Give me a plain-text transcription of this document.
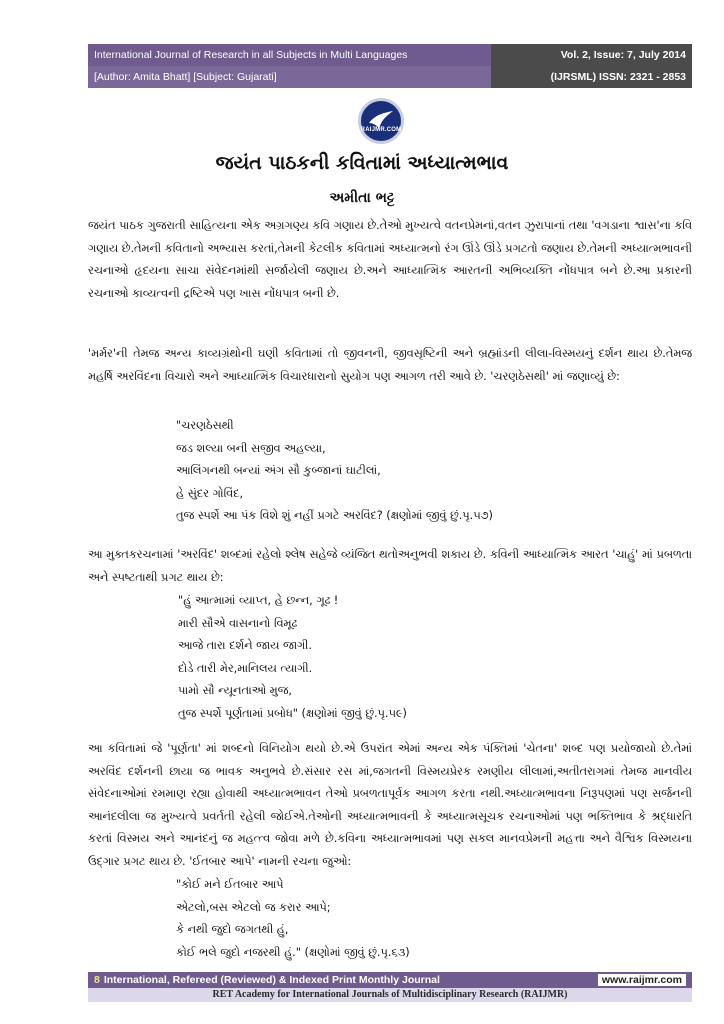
International Journal of Research in all Subjects in Multi Languages	Vol. 2, Issue: 7, July 2014
[Author: Amita Bhatt] [Subject: Gujarati]	(IJRSML) ISSN: 2321 - 2853
RAIJMR.COM
જયંત પાઠકની કવિતામાં અધ્યાત્મભાવ
અમીતા ભટ્ટ
જયંત પાઠક ગુજરાતી સાહિત્યના એક અગ્રગણ્ય કવિ ગણાય છે.તેઓ મુખ્યત્વે વતનપ્રેમનાં,વતન ઝુરાપાનાં તથા 'વગડાના શ્વાસ'ના કવિ ગણાય છે.તેમની કવિતાનો અભ્યાસ કરતાં,તેમની કેટલીક કવિતામાં અધ્યાત્મનો રંગ ઊંડે ઊંડે પ્રગટતો જણાય છે.તેમની અધ્યાત્મભાવની રચનાઓ હૃદયના સાચા સંવેદનમાંથી સર્જાયેલી જણાય છે.અને આધ્યાત્મિક આરતની અભિવ્યક્તિ નોંધપાત્ર બને છે.આ પ્રકારની રચનાઓ કાવ્યત્વની દ્રષ્ટિએ પણ ખાસ નોંધપાત્ર બની છે.
'મર્મર'ની તેમજ અન્ય કાવ્યગ્રંથોની ઘણી કવિતામાં તો જીવનની, જીવસૃષ્ટિની અને બ્રહ્માંડની લીલા-વિસ્મયનું દર્શન થાય છે.તેમજ મહર્ષિ અરવિંદના વિચારો અને આધ્યાત્મિક વિચારધારાનો સુયોગ પણ આગળ તરી આવે છે. 'ચરણઠેસથી' માં જણાવ્યું છે:
"ચરણઠેસથી
જડ શલ્યા બની સજીવ અહલ્યા,
આલિંગનથી બન્યાં અંગ સૌ કુબ્જાનાં ઘાટીલાં,
હે સુંદર ગોવિંદ,
તુજ સ્પર્શે આ પંક વિશે શું નહીં પ્રગટે અરવિંદ? (ક્ષણોમાં જીવું છું.પૃ.૫૭)
આ મુક્તકરચનામાં 'અરવિંદ' શબ્દમાં રહેલો શ્લેષ સહેજે વ્યંજિત થતોઅનુભવી શકાય છે. કવિની આધ્યાત્મિક આરત 'ચાહું' માં પ્રબળતા અને સ્પષ્ટતાથી પ્રગટ થાય છે:
"હું આત્મામાં વ્યાપ્ત, હે છન્ન, ગૂઢ !
મારી સૌએ વાસનાનો વિમૂઢ
આજે તારા દર્શને જાય જાગી.
દોડે તારી મેર,માનિલય ત્યાગી.
પામો સૌ ન્યૂનતાઓ મુજ,
તુજ સ્પર્શે પૂર્ણતામાં પ્રબોધ" (ક્ષણોમાં જીવું છું.પૃ.૫૯)
આ કવિતામાં જે 'પૂર્ણતા' માં શબ્દનો વિનિયોગ થયો છે.એ ઉપરાંત એમાં અન્ય એક પંક્તિમાં 'ચેતના' શબ્દ પણ પ્રયોજાયો છે.તેમાં અરવિંદ દર્શનની છાયા જ ભાવક અનુભવે છે.સંસાર રસ માં,જગતની વિસ્મયપ્રેરક રમણીય લીલામાં,અતીતરાગમાં તેમજ માનવીય સંવેદનાઓમાં રમમાણ રહ્યા હોવાથી અધ્યાત્મભાવન તેઓ પ્રબળતાપૂર્વક આગળ કરતા નથી.અધ્યાત્મભાવના નિરૂપણમાં પણ સર્જનની આનંદલીલા જ મુખ્યત્વે પ્રવર્તતી રહેલી જોઈએ.તેઓની અધ્યાત્મભાવની કે અધ્યાત્મસૂચક રચનાઓમાં પણ ભક્તિભાવ કે શ્રદ્ધારતિ કરતાં વિસ્મય અને આનંદનું જ મહત્ત્વ જોવા મળે છે.કવિના અધ્યાત્મભાવમાં પણ સકલ માનવપ્રેમની મહત્તા અને વૈશ્વિક વિસ્મયના ઉદ્ગાર પ્રગટ થાય છે. 'ઈતબાર આપે' નામની રચના જુઓ:
"કોઈ મને ઈતબાર આપે
એટલો,બસ એટલો જ કરાર આપે;
કે નથી જુદો જગતથી હું,
કોઈ ભલે જુદો નજરથી હું." (ક્ષણોમાં જીવું છું.પૃ.૬૩)
8 International, Refereed (Reviewed) & Indexed Print Monthly Journal	www.raijmr.com
RET Academy for International Journals of Multidisciplinary Research (RAIJMR)
